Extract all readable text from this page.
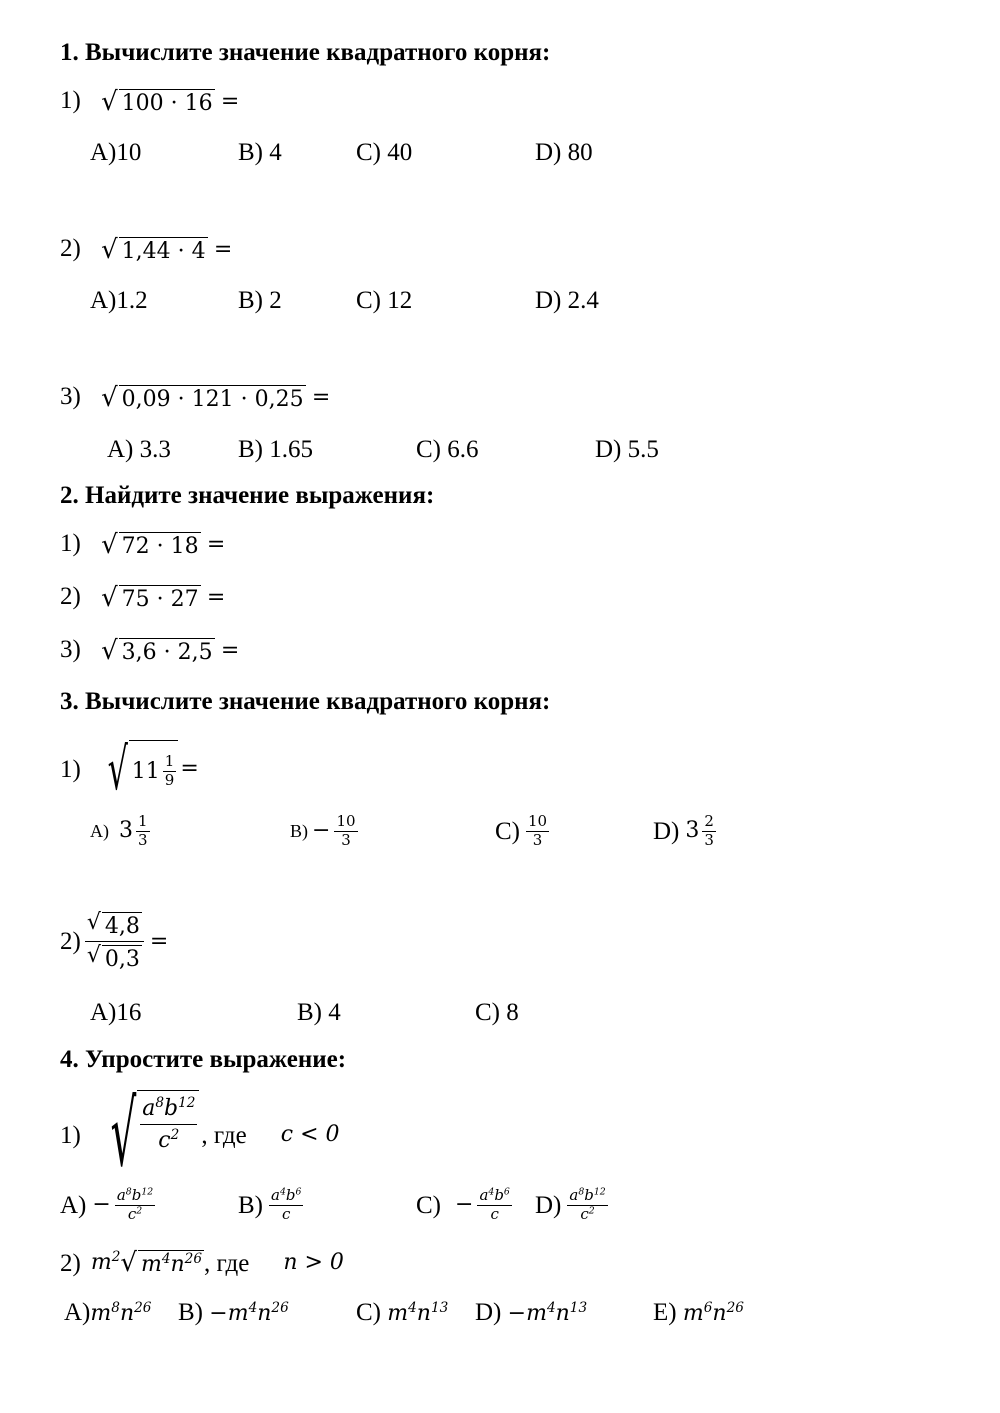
1. Вычислите значение квадратного корня:
1) √ 100 · 16 =
A)10	B) 4	C) 40	D) 80
2) √ 1,44 · 4 =
A)1.2	B) 2	C) 12	D) 2.4
3) √ 0,09 · 121 · 0,25 =
A) 3.3	B) 1.65	C) 6.6	D) 5.5
2. Найдите значение выражения:
1) √ 72 · 18 =
2) √ 75 · 27 =
3) √ 3,6 · 2,5 =
3. Вычислите значение квадратного корня:
1) √ $11 \frac{1}{9}$ =
A) $3 \frac{1}{3}$	$B) - \frac{10}{3}$	$C) \frac{10}{3}$	D) $3 \frac{2}{3}$
$2) \frac{√ 4,8}{√ 0,3}$ =
A)16	B) 4	C) 8
4. Упростите выражение:
1) √ $\frac{a^8b^{12}}{c^2}$ , где c < 0
$A) - \frac{a^8b^{12}}{c^2}$	$B) \frac{a^4b^6}{c}$	$C) - \frac{a^4b^6}{c} D) \frac{a^8b^{12}}{c^2}$
2) $m^2$ √ $m^4n^{26}$ , где n > 0
$A)m^8n^{26}$ $B) -m^4n^{26}$	C) $m^4n^{13}$ $D) -m^4n^{13}$	E) $m^6n^{26}$
